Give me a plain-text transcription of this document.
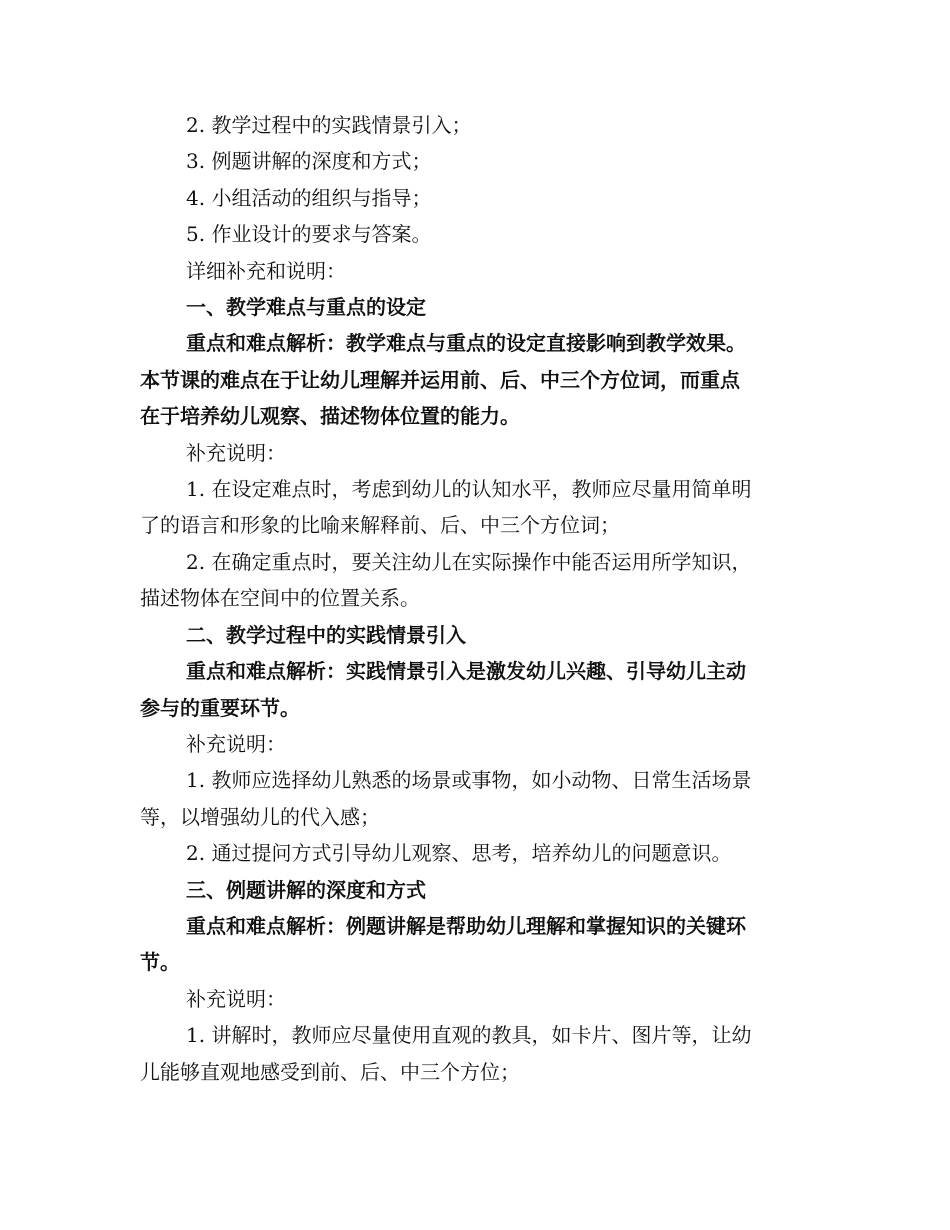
2. 教学过程中的实践情景引入；

3. 例题讲解的深度和方式；

4. 小组活动的组织与指导；

5. 作业设计的要求与答案。

详细补充和说明：

一、教学难点与重点的设定

重点和难点解析：教学难点与重点的设定直接影响到教学效果。

本节课的难点在于让幼儿理解并运用前、后、中三个方位词，而重点

在于培养幼儿观察、描述物体位置的能力。

补充说明：

1. 在设定难点时，考虑到幼儿的认知水平，教师应尽量用简单明

了的语言和形象的比喻来解释前、后、中三个方位词；

2. 在确定重点时，要关注幼儿在实际操作中能否运用所学知识，

描述物体在空间中的位置关系。

二、教学过程中的实践情景引入

重点和难点解析：实践情景引入是激发幼儿兴趣、引导幼儿主动

参与的重要环节。

补充说明：

1. 教师应选择幼儿熟悉的场景或事物，如小动物、日常生活场景

等，以增强幼儿的代入感；

2. 通过提问方式引导幼儿观察、思考，培养幼儿的问题意识。

三、例题讲解的深度和方式

重点和难点解析：例题讲解是帮助幼儿理解和掌握知识的关键环

节。

补充说明：

1. 讲解时，教师应尽量使用直观的教具，如卡片、图片等，让幼

儿能够直观地感受到前、后、中三个方位；
